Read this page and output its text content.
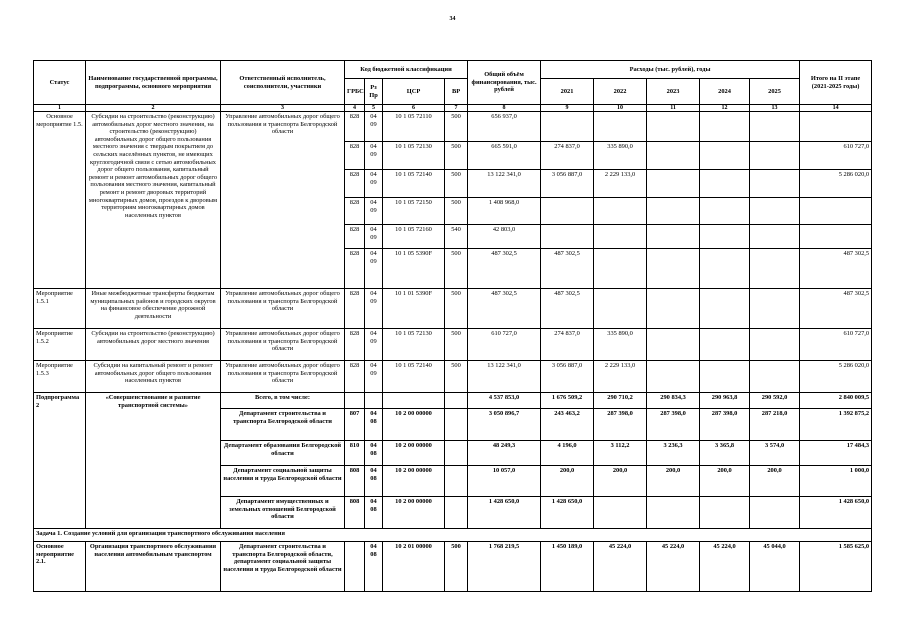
34
Статус	Наименование государственной программы, подпрограммы, основного мероприятия	Ответственный исполнитель, соисполнители, участники	Код бюджетной классификации				Общий объём финансирования, тыс. рублей	Расходы (тыс. рублей), годы					Итого на II этапе (2021-2025 годы)
			ГРБС	Рз Пр	ЦСР	ВР		2021	2022	2023	2024	2025	
1	2	3	4	5	6	7	8	9	10	11	12	13	14
Основное мероприятие 1.5.	Субсидии на строительство (реконструкцию) автомобильных дорог местного значения, на строительство (реконструкцию) автомобильных дорог общего пользования местного значения с твердым покрытием до сельских населённых пунктов, не имеющих круглогодичной связи с сетью автомобильных дорог общего пользования, капитальный ремонт и ремонт автомобильных дорог общего пользования местного значения, капитальный ремонт и ремонт дворовых территорий многоквартирных домов, проездов к дворовым территориям многоквартирных домов населенных пунктов	Управление автомобильных дорог общего пользования и транспорта Белгородской области	828	04 09	10 1 05 72110	500	656 937,0						
			828	04 09	10 1 05 72130	500	665 591,0	274 837,0	335 890,0				610 727,0
			828	04 09	10 1 05 72140	500	13 122 341,0	3 056 887,0	2 229 133,0				5 286 020,0
			828	04 09	10 1 05 72150	500	1 408 968,0						
			828	04 09	10 1 05 72160	540	42 803,0						
			828	04 09	10 1 05 5390F	500	487 302,5	487 302,5					487 302,5
Мероприятие 1.5.1	Иные межбюджетные трансферты бюджетам муниципальных районов и городских округов на финансовое обеспечение дорожной деятельности	Управление автомобильных дорог общего пользования и транспорта Белгородской области	828	04 09	10 1 01 5390F	500	487 302,5	487 302,5					487 302,5
Мероприятие 1.5.2	Субсидии на строительство (реконструкцию) автомобильных дорог местного значения	Управление автомобильных дорог общего пользования и транспорта Белгородской области	828	04 09	10 1 05 72130	500	610 727,0	274 837,0	335 890,0				610 727,0
Мероприятие 1.5.3	Субсидии на капитальный ремонт и ремонт автомобильных дорог общего пользования населенных пунктов	Управление автомобильных дорог общего пользования и транспорта Белгородской области	828	04 09	10 1 05 72140	500	13 122 341,0	3 056 887,0	2 229 133,0				5 286 020,0
Подпрограмма 2	«Совершенствование и развитие транспортной системы»	Всего, в том числе:					4 537 853,0	1 676 509,2	290 710,2	290 834,3	290 963,8	290 592,0	2 840 009,5
		Департамент строительства и транспорта Белгородской области	807	04 08	10 2 00 00000		3 050 896,7	243 463,2	287 398,0	287 398,0	287 398,0	287 218,0	1 392 875,2
		Департамент образования Белгородской области	810	04 08	10 2 00 00000		48 249,3	4 196,0	3 112,2	3 236,3	3 365,8	3 574,0	17 484,3
		Департамент социальной защиты населения и труда Белгородской области	808	04 08	10 2 00 00000		10 057,0	200,0	200,0	200,0	200,0	200,0	1 000,0
		Департамент имущественных и земельных отношений Белгородской области	808	04 08	10 2 00 00000		1 428 650,0	1 428 650,0					1 428 650,0
Задача 1. Создание условий для организации транспортного обслуживания населения													
Основное мероприятие 2.1.	Организация транспортного обслуживания населения автомобильным транспортом	Департамент строительства и транспорта Белгородской области, департамент социальной защиты населения и труда Белгородской области		04 08	10 2 01 00000	500	1 768 219,5	1 450 189,0	45 224,0	45 224,0	45 224,0	45 044,0	1 585 625,0
